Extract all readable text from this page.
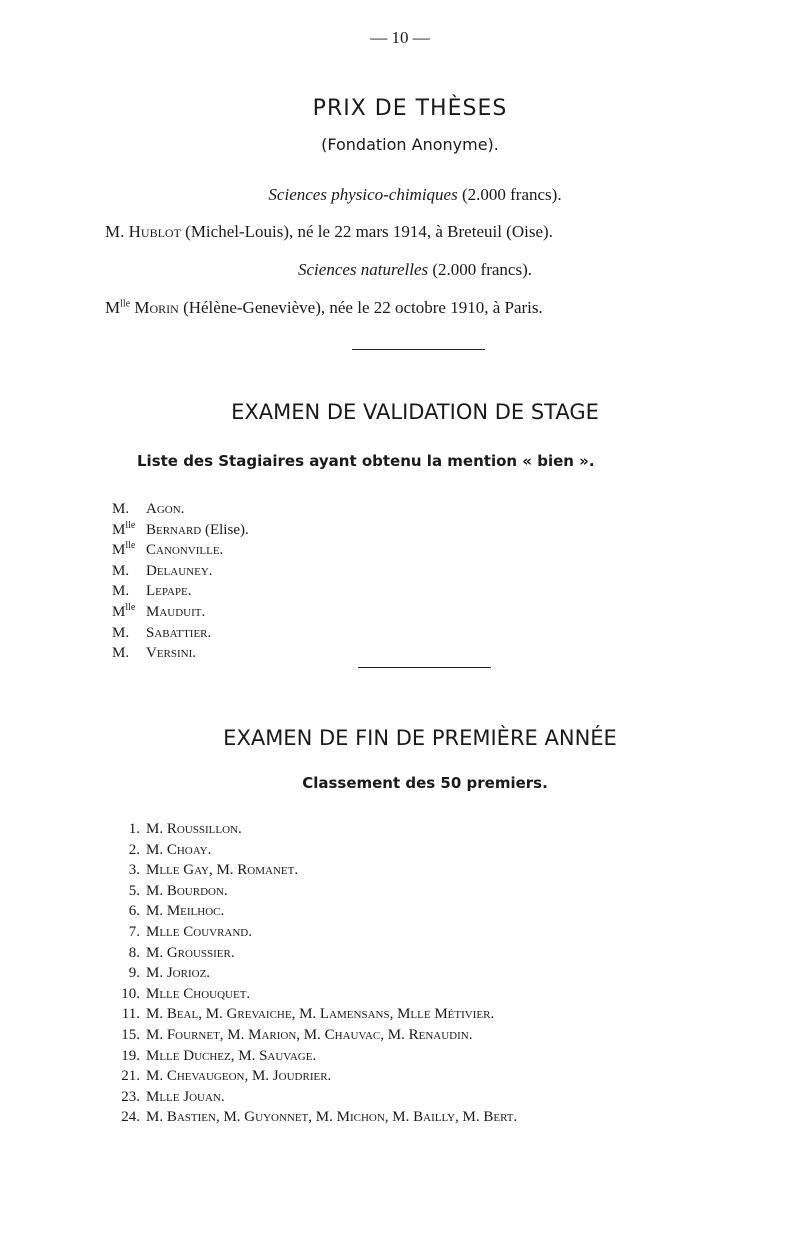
— 10 —
PRIX DE THÈSES
(Fondation Anonyme).
Sciences physico-chimiques (2.000 francs).
M. Hublot (Michel-Louis), né le 22 mars 1914, à Breteuil (Oise).
Sciences naturelles (2.000 francs).
$M^{lle}$ Morin (Hélène-Geneviève), née le 22 octobre 1910, à Paris.
EXAMEN DE VALIDATION DE STAGE
Liste des Stagiaires ayant obtenu la mention « bien ».
M. Agon.
$M^{lle}$ Bernard (Elise).
$M^{lle}$ Canonville.
M. Delauney.
M. Lepape.
$M^{lle}$ Mauduit.
M. Sabattier.
M. Versini.
EXAMEN DE FIN DE PREMIÈRE ANNÉE
Classement des 50 premiers.
1. M. Roussillon.
2. M. Choay.
3. Mlle Gay, M. Romanet.
5. M. Bourdon.
6. M. Meilhoc.
7. Mlle Couvrand.
8. M. Groussier.
9. M. Jorioz.
10. Mlle Chouquet.
11. M. Beal, M. Grevaiche, M. Lamensans, Mlle Métivier.
15. M. Fournet, M. Marion, M. Chauvac, M. Renaudin.
19. Mlle Duchez, M. Sauvage.
21. M. Chevaugeon, M. Joudrier.
23. Mlle Jouan.
24. M. Bastien, M. Guyonnet, M. Michon, M. Bailly, M. Bert.
